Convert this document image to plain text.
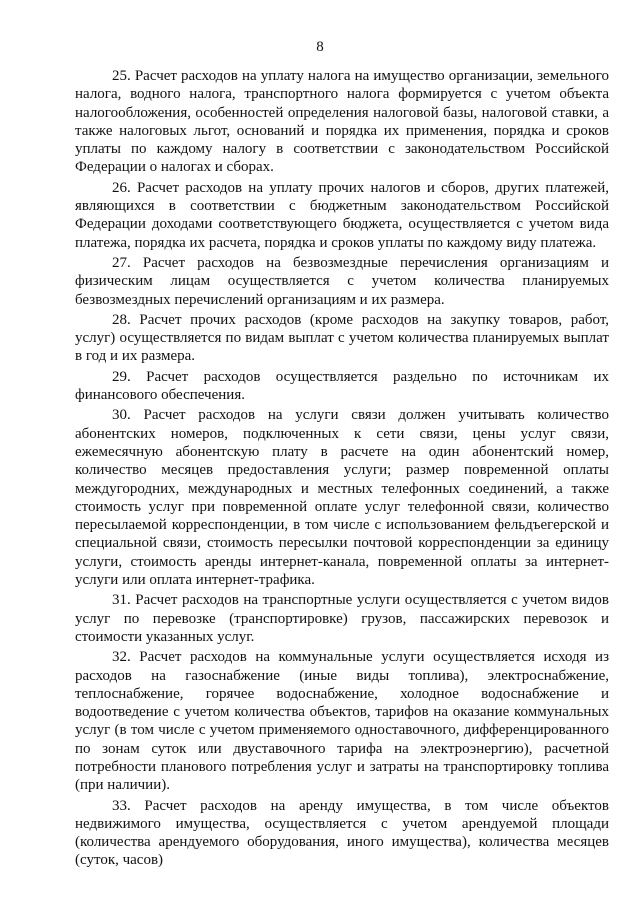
8

25. Расчет расходов на уплату налога на имущество организации, земельного налога, водного налога, транспортного налога формируется с учетом объекта налогообложения, особенностей определения налоговой базы, налоговой ставки, а также налоговых льгот, оснований и порядка их применения, порядка и сроков уплаты по каждому налогу в соответствии с законодательством Российской Федерации о налогах и сборах.

26. Расчет расходов на уплату прочих налогов и сборов, других платежей, являющихся в соответствии с бюджетным законодательством Российской Федерации доходами соответствующего бюджета, осуществляется с учетом вида платежа, порядка их расчета, порядка и сроков уплаты по каждому виду платежа.

27. Расчет расходов на безвозмездные перечисления организациям и физическим лицам осуществляется с учетом количества планируемых безвозмездных перечислений организациям и их размера.

28. Расчет прочих расходов (кроме расходов на закупку товаров, работ, услуг) осуществляется по видам выплат с учетом количества планируемых выплат в год и их размера.

29. Расчет расходов осуществляется раздельно по источникам их финансового обеспечения.

30. Расчет расходов на услуги связи должен учитывать количество абонентских номеров, подключенных к сети связи, цены услуг связи, ежемесячную абонентскую плату в расчете на один абонентский номер, количество месяцев предоставления услуги; размер повременной оплаты междугородних, международных и местных телефонных соединений, а также стоимость услуг при повременной оплате услуг телефонной связи, количество пересылаемой корреспонденции, в том числе с использованием фельдъегерской и специальной связи, стоимость пересылки почтовой корреспонденции за единицу услуги, стоимость аренды интернет-канала, повременной оплаты за интернет-услуги или оплата интернет-трафика.

31. Расчет расходов на транспортные услуги осуществляется с учетом видов услуг по перевозке (транспортировке) грузов, пассажирских перевозок и стоимости указанных услуг.

32. Расчет расходов на коммунальные услуги осуществляется исходя из расходов на газоснабжение (иные виды топлива), электроснабжение, теплоснабжение, горячее водоснабжение, холодное водоснабжение и водоотведение с учетом количества объектов, тарифов на оказание коммунальных услуг (в том числе с учетом применяемого одноставочного, дифференцированного по зонам суток или двуставочного тарифа на электроэнергию), расчетной потребности планового потребления услуг и затраты на транспортировку топлива (при наличии).

33. Расчет расходов на аренду имущества, в том числе объектов недвижимого имущества, осуществляется с учетом арендуемой площади (количества арендуемого оборудования, иного имущества), количества месяцев (суток, часов)
